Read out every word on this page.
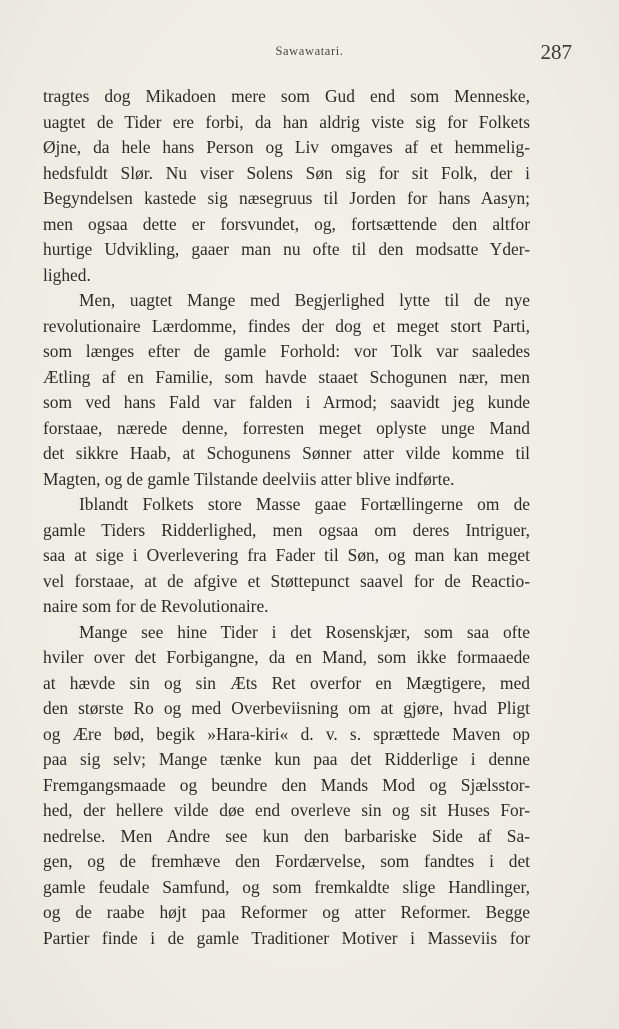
Sawawatari.	287
tragtes dog Mikadoen mere som Gud end som Menneske,
uagtet de Tider ere forbi, da han aldrig viste sig for Folkets
Øjne, da hele hans Person og Liv omgaves af et hemmelig-
hedsfuldt Slør. Nu viser Solens Søn sig for sit Folk, der i
Begyndelsen kastede sig næsegruus til Jorden for hans Aasyn;
men ogsaa dette er forsvundet, og, fortsættende den altfor
hurtige Udvikling, gaaer man nu ofte til den modsatte Yder-
lighed.
Men, uagtet Mange med Begjerlighed lytte til de nye
revolutionaire Lærdomme, findes der dog et meget stort Parti,
som længes efter de gamle Forhold: vor Tolk var saaledes
Ætling af en Familie, som havde staaet Schogunen nær, men
som ved hans Fald var falden i Armod; saavidt jeg kunde
forstaae, nærede denne, forresten meget oplyste unge Mand
det sikkre Haab, at Schogunens Sønner atter vilde komme til
Magten, og de gamle Tilstande deelviis atter blive indførte.
Iblandt Folkets store Masse gaae Fortællingerne om de
gamle Tiders Ridderlighed, men ogsaa om deres Intriguer,
saa at sige i Overlevering fra Fader til Søn, og man kan meget
vel forstaae, at de afgive et Støttepunct saavel for de Reactio-
naire som for de Revolutionaire.
Mange see hine Tider i det Rosenskjær, som saa ofte
hviler over det Forbigangne, da en Mand, som ikke formaaede
at hævde sin og sin Æts Ret overfor en Mægtigere, med
den største Ro og med Overbeviisning om at gjøre, hvad Pligt
og Ære bød, begik »Hara-kiri« d. v. s. sprættede Maven op
paa sig selv; Mange tænke kun paa det Ridderlige i denne
Fremgangsmaade og beundre den Mands Mod og Sjælsstor-
hed, der hellere vilde døe end overleve sin og sit Huses For-
nedrelse. Men Andre see kun den barbariske Side af Sa-
gen, og de fremhæve den Fordærvelse, som fandtes i det
gamle feudale Samfund, og som fremkaldte slige Handlinger,
og de raabe højt paa Reformer og atter Reformer. Begge
Partier finde i de gamle Traditioner Motiver i Masseviis for
